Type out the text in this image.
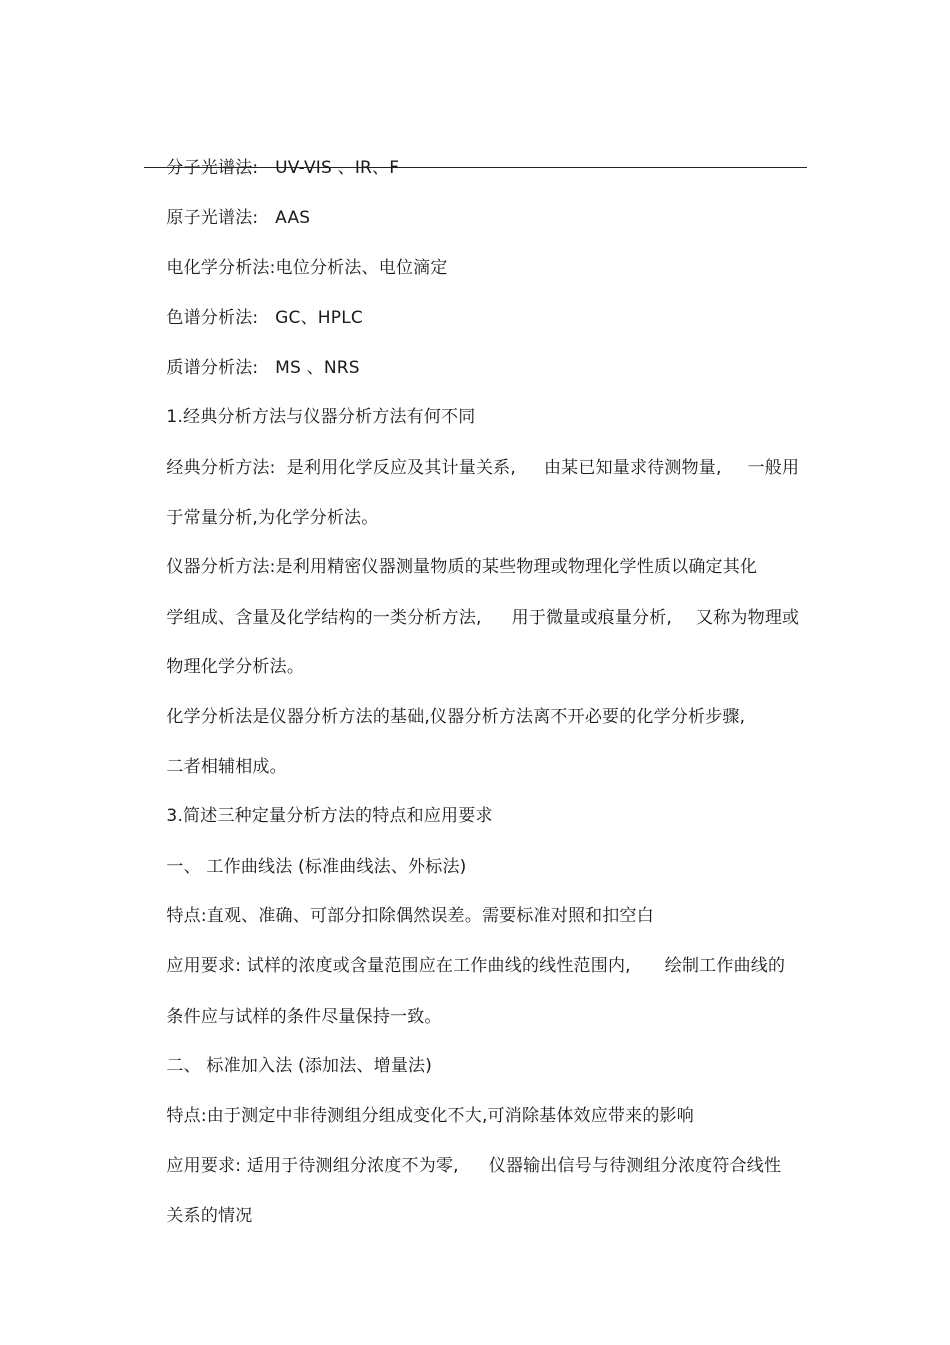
分子光谱法:   UV-VIS 、IR、F

原子光谱法:   AAS

电化学分析法:电位分析法、电位滴定

色谱分析法:   GC、HPLC

质谱分析法:   MS 、NRS

1.经典分析方法与仪器分析方法有何不同

经典分析方法:  是利用化学反应及其计量关系, 由某已知量求待测物量, 一般用

于常量分析,为化学分析法。

仪器分析方法:是利用精密仪器测量物质的某些物理或物理化学性质以确定其化

学组成、含量及化学结构的一类分析方法, 用于微量或痕量分析, 又称为物理或

物理化学分析法。

化学分析法是仪器分析方法的基础,仪器分析方法离不开必要的化学分析步骤,

二者相辅相成。

3.简述三种定量分析方法的特点和应用要求

一、 工作曲线法 (标准曲线法、外标法)

特点:直观、准确、可部分扣除偶然误差。需要标准对照和扣空白

应用要求: 试样的浓度或含量范围应在工作曲线的线性范围内, 绘制工作曲线的

条件应与试样的条件尽量保持一致。

二、 标准加入法 (添加法、增量法)

特点:由于测定中非待测组分组成变化不大,可消除基体效应带来的影响

应用要求: 适用于待测组分浓度不为零, 仪器输出信号与待测组分浓度符合线性

关系的情况
